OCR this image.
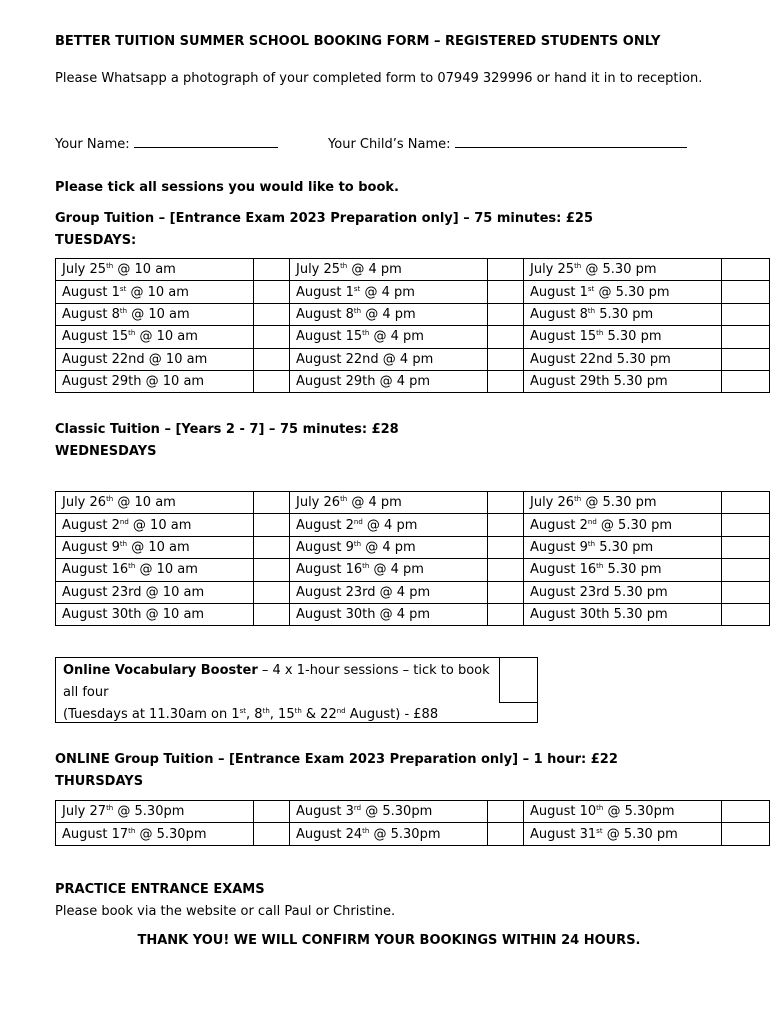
BETTER TUITION SUMMER SCHOOL BOOKING FORM – REGISTERED STUDENTS ONLY
Please Whatsapp a photograph of your completed form to 07949 329996 or hand it in to reception.
Your Name:	Your Child’s Name:
Please tick all sessions you would like to book.
Group Tuition – [Entrance Exam 2023 Preparation only] – 75 minutes: £25
TUESDAYS:
July 25th @ 10 am		July 25th @ 4 pm		July 25th @ 5.30 pm	
August 1st @ 10 am		August 1st @ 4 pm		August 1st @ 5.30 pm	
August 8th @ 10 am		August 8th @ 4 pm		August 8th 5.30 pm	
August 15th @ 10 am		August 15th @ 4 pm		August 15th 5.30 pm	
August 22nd @ 10 am		August 22nd @ 4 pm		August 22nd 5.30 pm	
August 29th @ 10 am		August 29th @ 4 pm		August 29th 5.30 pm	
Classic Tuition – [Years 2 - 7] – 75 minutes: £28
WEDNESDAYS
July 26th @ 10 am		July 26th @ 4 pm		July 26th @ 5.30 pm	
August 2nd @ 10 am		August 2nd @ 4 pm		August 2nd @ 5.30 pm	
August 9th @ 10 am		August 9th @ 4 pm		August 9th 5.30 pm	
August 16th @ 10 am		August 16th @ 4 pm		August 16th 5.30 pm	
August 23rd @ 10 am		August 23rd @ 4 pm		August 23rd 5.30 pm	
August 30th @ 10 am		August 30th @ 4 pm		August 30th 5.30 pm	
Online Vocabulary Booster – 4 x 1-hour sessions – tick to book all four
(Tuesdays at 11.30am on 1st, 8th, 15th & 22nd August) - £88
ONLINE Group Tuition – [Entrance Exam 2023 Preparation only] – 1 hour: £22
THURSDAYS
July 27th @ 5.30pm		August 3rd @ 5.30pm		August 10th @ 5.30pm	
August 17th @ 5.30pm		August 24th @ 5.30pm		August 31st @ 5.30 pm	
PRACTICE ENTRANCE EXAMS
Please book via the website or call Paul or Christine.
THANK YOU! WE WILL CONFIRM YOUR BOOKINGS WITHIN 24 HOURS.
